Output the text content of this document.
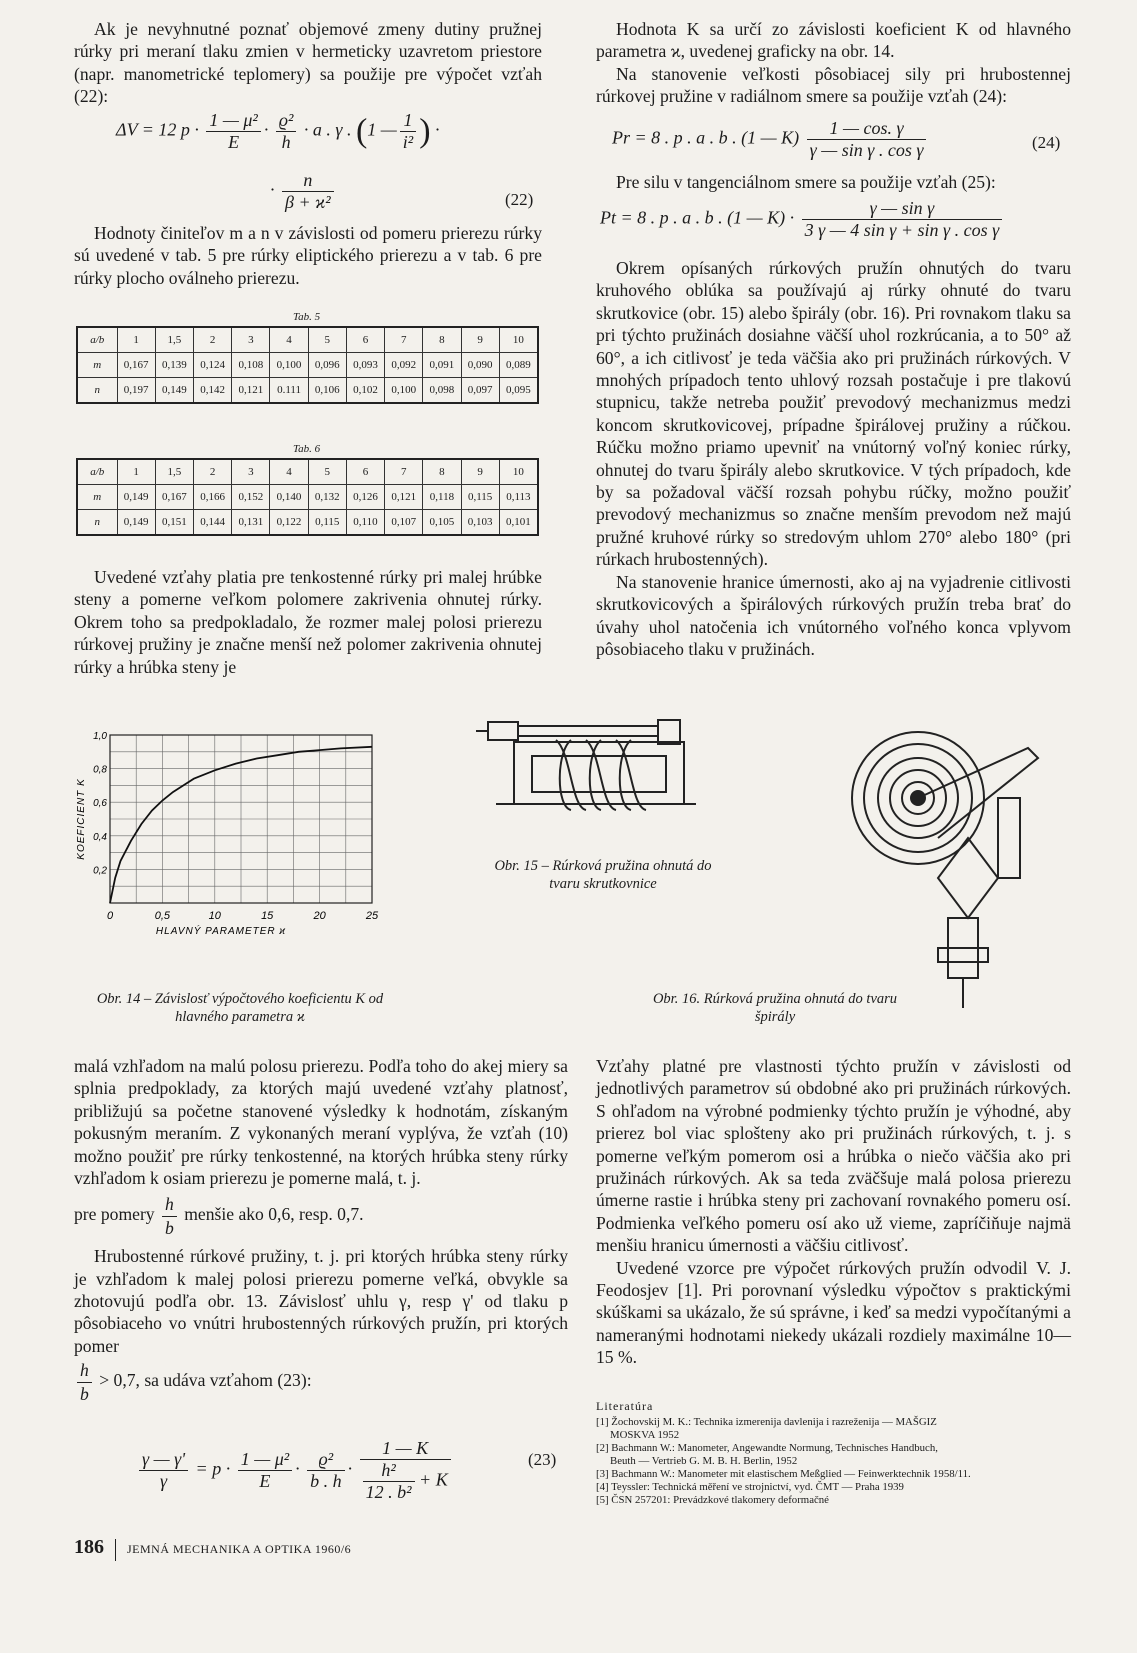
Ak je nevyhnutné poznať objemové zmeny dutiny pružnej rúrky pri meraní tlaku zmien v hermeticky uzavretom priestore (napr. manometrické teplomery) sa použije pre výpočet vzťah (22):

ΔV = 12 $p \cdot \frac{\text{1 — μ²}}{E} \cdot \frac{\text{ϱ²}}{h} \cdot a$ . γ . (1 — $\frac{1}{\text{i²}}$ ) ·
· $\frac{n}{\text{β + ϰ²}}$	(22)

Hodnoty činiteľov m a n v závislosti od pomeru prierezu rúrky sú uvedené v tab. 5 pre rúrky eliptického prierezu a v tab. 6 pre rúrky plocho oválneho prierezu.

Tab. 5
a/b	1	1,5	2	3	4	5	6	7	8	9	10
m	0,167	0,139	0,124	0,108	0,100	0,096	0,093	0,092	0,091	0,090	0,089
n	0,197	0,149	0,142	0,121	0.111	0,106	0,102	0,100	0,098	0,097	0,095
Tab. 6
a/b	1	1,5	2	3	4	5	6	7	8	9	10
m	0,149	0,167	0,166	0,152	0,140	0,132	0,126	0,121	0,118	0,115	0,113
n	0,149	0,151	0,144	0,131	0,122	0,115	0,110	0,107	0,105	0,103	0,101

Uvedené vzťahy platia pre tenkostenné rúrky pri malej hrúbke steny a pomerne veľkom polomere zakrivenia ohnutej rúrky. Okrem toho sa predpokladalo, že rozmer malej polosi prierezu rúrkovej pružiny je značne menší než polomer zakrivenia ohnutej rúrky a hrúbka steny je

Hodnota K sa určí zo závislosti koeficient K od hlavného parametra ϰ, uvedenej graficky na obr. 14.

Na stanovenie veľkosti pôsobiacej sily pri hrubostennej rúrkovej pružine v radiálnom smere sa použije vzťah (24):

Pr = 8 . p . a . b . (1 — $K) \frac{1 — \cos. \gamma}{\text{γ — sin γ . cos γ}}$	(24)

Pre silu v tangenciálnom smere sa použije vzťah (25):

Pt = 8 . p . a . b . (1 — $K) \cdot \frac{\text{γ — sin γ}}{\text{3 γ — 4 sin γ + sin γ . cos γ}}$

Okrem opísaných rúrkových pružín ohnutých do tvaru kruhového oblúka sa používajú aj rúrky ohnuté do tvaru skrutkovice (obr. 15) alebo špirály (obr. 16). Pri rovnakom tlaku sa pri týchto pružinách dosiahne väčší uhol rozkrúcania, a to 50° až 60°, a ich citlivosť je teda väčšia ako pri pružinách rúrkových. V mnohých prípadoch tento uhlový rozsah postačuje i pre tlakovú stupnicu, takže netreba použiť prevodový mechanizmus medzi koncom skrutkovicovej, prípadne špirálovej pružiny a rúčkou. Rúčku možno priamo upevniť na vnútorný voľný koniec rúrky, ohnutej do tvaru špirály alebo skrutkovice. V tých prípadoch, kde by sa požadoval väčší rozsah pohybu rúčky, možno použiť prevodový mechanizmus so značne menším prevodom než majú pružné kruhové rúrky so stredovým uhlom 270° alebo 180° (pri rúrkach hrubostenných).

Na stanovenie hranice úmernosti, ako aj na vyjadrenie citlivosti skrutkovicových a špirálových rúrkových pružín treba brať do úvahy uhol natočenia ich vnútorného voľného konca vplyvom pôsobiaceho tlaku v pružinách.

0	0,5	10	15	20	25
0,2
0,4
0,6
0,8
1,0
HLAVNÝ PARAMETER ϰ
KOEFICIENT K
Obr. 14 – Závislosť výpočtového koeficientu K od hlavného parametra ϰ
Obr. 15 – Rúrková pružina ohnutá do tvaru skrutkovnice
Obr. 16. Rúrková pružina ohnutá do tvaru špirály

malá vzhľadom na malú polosu prierezu. Podľa toho do akej miery sa splnia predpoklady, za ktorých majú uvedené vzťahy platnosť, približujú sa početne stanovené výsledky k hodnotám, získaným pokusným meraním. Z vykonaných meraní vyplýva, že vzťah (10) možno použiť pre rúrky tenkostenné, na ktorých hrúbka steny rúrky vzhľadom k osiam prierezu je pomerne malá, t. j.

pre pomery $\frac{h}{b}$ menšie ako 0,6, resp. 0,7.

Hrubostenné rúrkové pružiny, t. j. pri ktorých hrúbka steny rúrky je vzhľadom k malej polosi prierezu pomerne veľká, obvykle sa zhotovujú podľa obr. 13. Závislosť uhlu γ, resp γ' od tlaku p pôsobiaceho vo vnútri hrubostenných rúrkových pružín, pri ktorých pomer

$\frac{h}{b} > 0,7$, sa udáva vzťahom (23):

$\frac{\gamma — \gamma'}{\gamma} = p \cdot \frac{\text{1 — μ²}}{E} \cdot \frac{\text{ϱ²}}{b . h} \cdot \frac{1 — K}{\frac{\text{h²}}{\text{12 . b²}} + K}$	(23)

Vzťahy platné pre vlastnosti týchto pružín v závislosti od jednotlivých parametrov sú obdobné ako pri pružinách rúrkových. S ohľadom na výrobné podmienky týchto pružín je výhodné, aby prierez bol viac splošteny ako pri pružinách rúrkových, t. j. s pomerne veľkým pomerom osi a hrúbka o niečo väčšia ako pri pružinách rúrkových. Ak sa teda zväčšuje malá polosa prierezu úmerne rastie i hrúbka steny pri zachovaní rovnakého pomeru osí. Podmienka veľkého pomeru osí ako už vieme, zapríčiňuje najmä menšiu hranicu úmernosti a väčšiu citlivosť.

Uvedené vzorce pre výpočet rúrkových pružín odvodil V. J. Feodosjev [1]. Pri porovnaní výsledku výpočtov s praktickými skúškami sa ukázalo, že sú správne, i keď sa medzi vypočítanými a nameranými hodnotami niekedy ukázali rozdiely maximálne 10—15 %.

Literatúra
[1] Žochovskij M. K.: Technika izmerenija davlenija i razreženija — MAŠGIZ
MOSKVA 1952
[2] Bachmann W.: Manometer, Angewandte Normung, Technisches Handbuch,
Beuth — Vertrieb G. M. B. H. Berlin, 1952
[3] Bachmann W.: Manometer mit elastischem Meßglied — Feinwerktechnik 1958/11.
[4] Teyssler: Technická měření ve strojnictví, vyd. ČMT — Praha 1939
[5] ČSN 257201: Prevádzkové tlakomery deformačné
186 JEMNÁ MECHANIKA A OPTIKA 1960/6
